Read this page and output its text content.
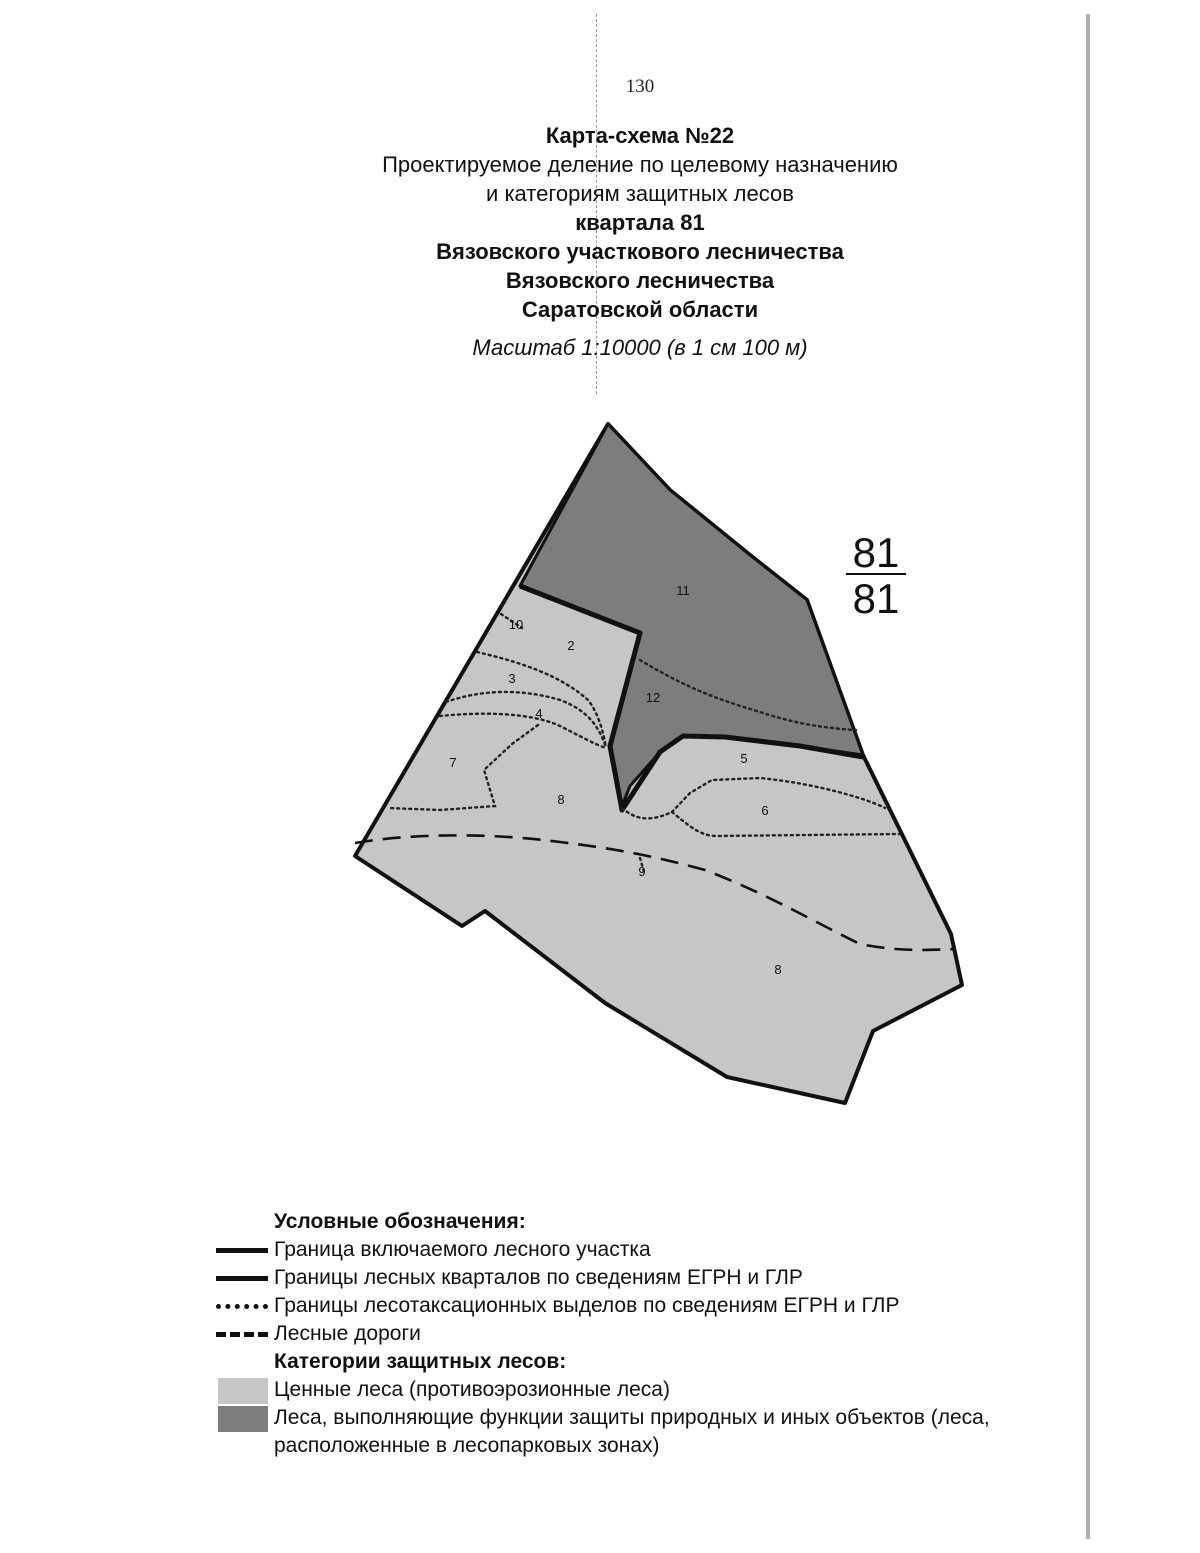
130
Карта-схема №22
Проектируемое деление по целевому назначению
и категориям защитных лесов
квартала 81
Вязовского участкового лесничества
Вязовского лесничества
Саратовской области
Масштаб 1:10000 (в 1 см 100 м)
11
10
2
3
12
4
7	5
8
6
9
8
81
81
Условные обозначения:
Граница включаемого лесного участка
Границы лесных кварталов по сведениям ЕГРН и ГЛР
Границы лесотаксационных выделов по сведениям ЕГРН и ГЛР
Лесные дороги
Категории защитных лесов:
Ценные леса (противоэрозионные леса)
Леса, выполняющие функции защиты природных и иных объектов (леса, расположенные в лесопарковых зонах)
